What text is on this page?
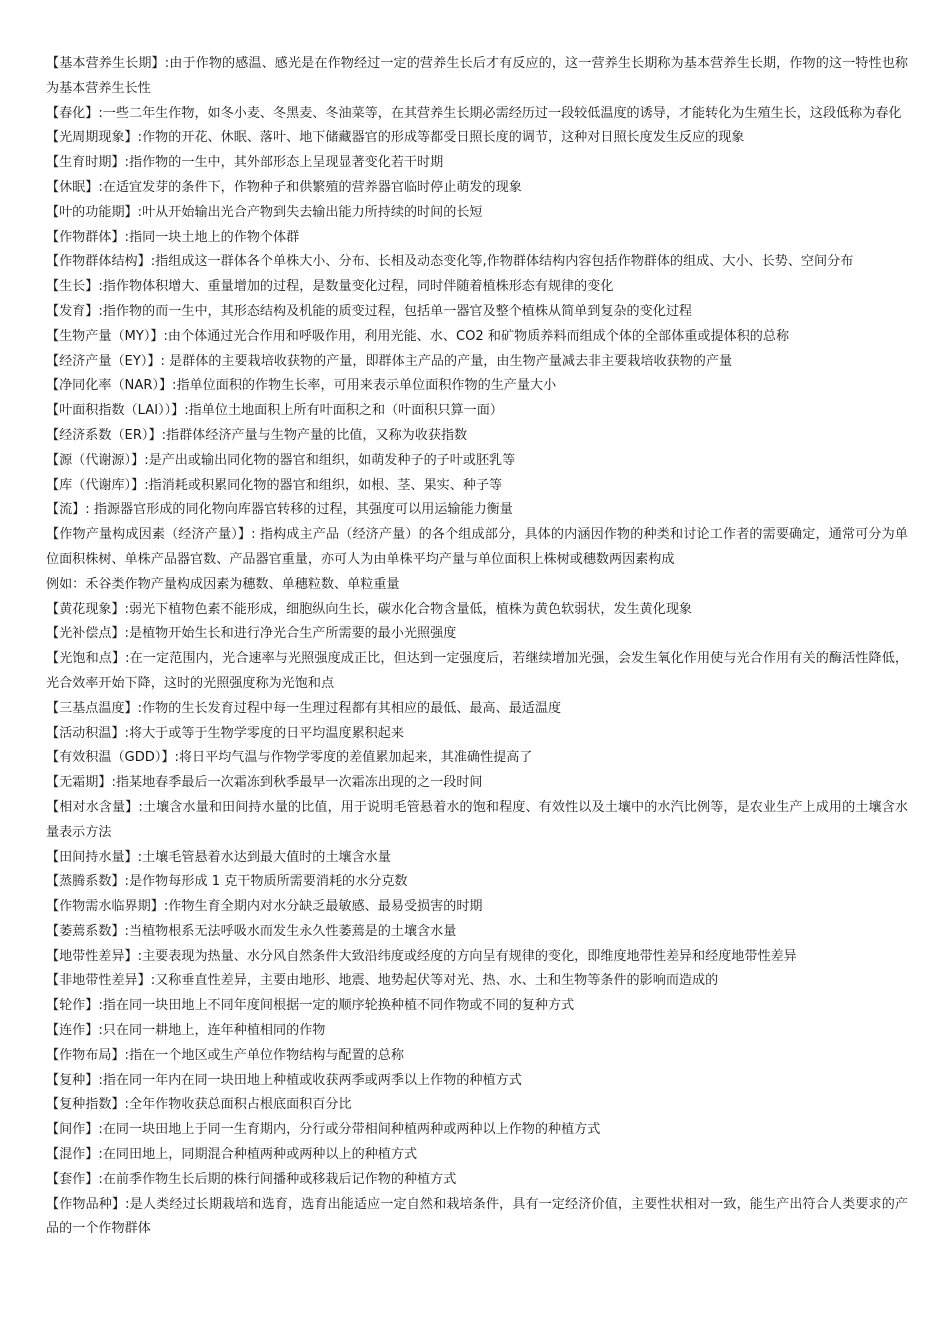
【基本营养生长期】:由于作物的感温、感光是在作物经过一定的营养生长后才有反应的，这一营养生长期称为基本营养生长期，作物的这一特性也称为基本营养生长性

【春化】:一些二年生作物，如冬小麦、冬黑麦、冬油菜等，在其营养生长期必需经历过一段较低温度的诱导，才能转化为生殖生长，这段低称为春化

【光周期现象】:作物的开花、休眠、落叶、地下储藏器官的形成等都受日照长度的调节，这种对日照长度发生反应的现象

【生育时期】:指作物的一生中，其外部形态上呈现显著变化若干时期

【休眠】:在适宜发芽的条件下，作物种子和供繁殖的营养器官临时停止萌发的现象

【叶的功能期】:叶从开始输出光合产物到失去输出能力所持续的时间的长短

【作物群体】:指同一块土地上的作物个体群

【作物群体结构】:指组成这一群体各个单株大小、分布、长相及动态变化等,作物群体结构内容包括作物群体的组成、大小、长势、空间分布

【生长】:指作物体积增大、重量增加的过程，是数量变化过程，同时伴随着植株形态有规律的变化

【发育】:指作物的而一生中，其形态结构及机能的质变过程，包括单一器官及整个植株从简单到复杂的变化过程

【生物产量（MY）】:由个体通过光合作用和呼吸作用，利用光能、水、CO2 和矿物质养料而组成个体的全部体重或提体积的总称

【经济产量（EY）】: 是群体的主要栽培收获物的产量，即群体主产品的产量，由生物产量减去非主要栽培收获物的产量

【净同化率（NAR）】:指单位面积的作物生长率，可用来表示单位面积作物的生产量大小

【叶面积指数（LAI））】:指单位土地面积上所有叶面积之和（叶面积只算一面）

【经济系数（ER）】:指群体经济产量与生物产量的比值，又称为收获指数

【源（代谢源）】:是产出或输出同化物的器官和组织，如萌发种子的子叶或胚乳等

【库（代谢库）】:指消耗或积累同化物的器官和组织，如根、茎、果实、种子等

【流】: 指源器官形成的同化物向库器官转移的过程，其强度可以用运输能力衡量

【作物产量构成因素（经济产量）】: 指构成主产品（经济产量）的各个组成部分，具体的内涵因作物的种类和讨论工作者的需要确定，通常可分为单位面积株树、单株产品器官数、产品器官重量，亦可人为由单株平均产量与单位面积上株树或穗数两因素构成

例如：禾谷类作物产量构成因素为穗数、单穗粒数、单粒重量

【黄花现象】:弱光下植物色素不能形成，细胞纵向生长，碳水化合物含量低，植株为黄色软弱状，发生黄化现象

【光补偿点】:是植物开始生长和进行净光合生产所需要的最小光照强度

【光饱和点】:在一定范围内，光合速率与光照强度成正比，但达到一定强度后，若继续增加光强，会发生氧化作用使与光合作用有关的酶活性降低，光合效率开始下降，这时的光照强度称为光饱和点

【三基点温度】:作物的生长发育过程中每一生理过程都有其相应的最低、最高、最适温度

【活动积温】:将大于或等于生物学零度的日平均温度累积起来

【有效积温（GDD）】:将日平均气温与作物学零度的差值累加起来，其准确性提高了

【无霜期】:指某地春季最后一次霜冻到秋季最早一次霜冻出现的之一段时间

【相对水含量】:土壤含水量和田间持水量的比值，用于说明毛管悬着水的饱和程度、有效性以及土壤中的水汽比例等，是农业生产上成用的土壤含水量表示方法

【田间持水量】:土壤毛管悬着水达到最大值时的土壤含水量

【蒸腾系数】:是作物每形成 1 克干物质所需要消耗的水分克数

【作物需水临界期】:作物生育全期内对水分缺乏最敏感、最易受损害的时期

【萎蔫系数】:当植物根系无法呼吸水而发生永久性萎蔫是的土壤含水量

【地带性差异】:主要表现为热量、水分风自然条件大致沿纬度或经度的方向呈有规律的变化，即维度地带性差异和经度地带性差异

【非地带性差异】:又称垂直性差异，主要由地形、地震、地势起伏等对光、热、水、土和生物等条件的影响而造成的

【轮作】:指在同一块田地上不同年度间根据一定的顺序轮换种植不同作物或不同的复种方式

【连作】:只在同一耕地上，连年种植相同的作物

【作物布局】:指在一个地区或生产单位作物结构与配置的总称

【复种】:指在同一年内在同一块田地上种植或收获两季或两季以上作物的种植方式

【复种指数】:全年作物收获总面积占根底面积百分比

【间作】:在同一块田地上于同一生育期内，分行或分带相间种植两种或两种以上作物的种植方式

【混作】:在同田地上，同期混合种植两种或两种以上的种植方式

【套作】:在前季作物生长后期的株行间播种或移栽后记作物的种植方式

【作物品种】:是人类经过长期栽培和选育，选育出能适应一定自然和栽培条件，具有一定经济价值，主要性状相对一致，能生产出符合人类要求的产品的一个作物群体
